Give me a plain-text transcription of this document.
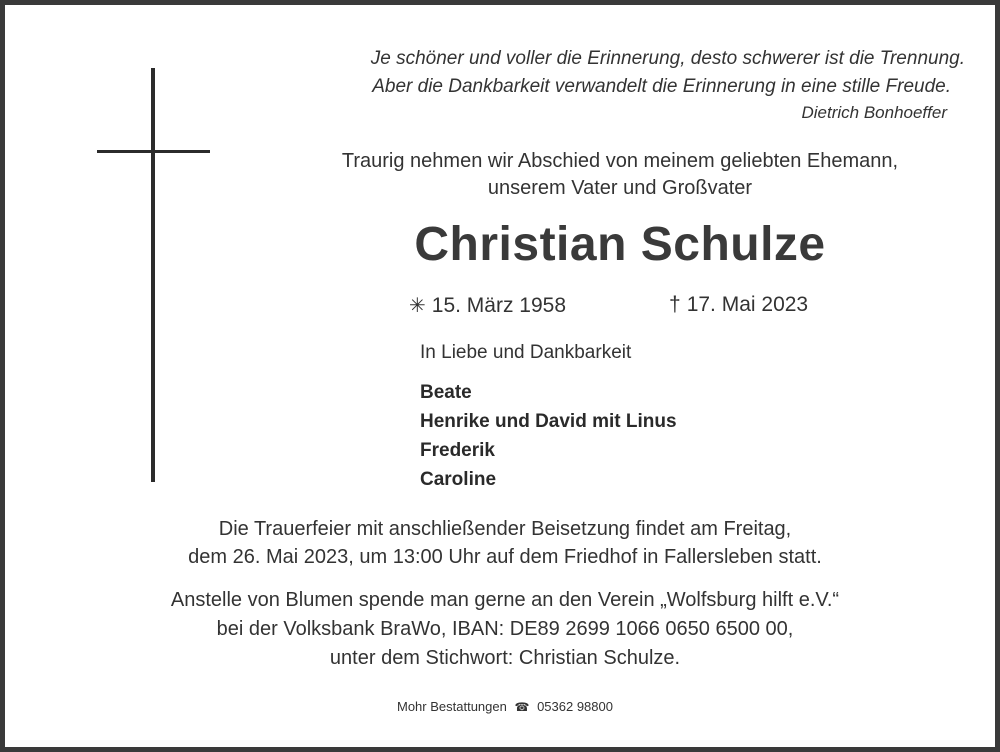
Je schöner und voller die Erinnerung, desto schwerer ist die Trennung.
Aber die Dankbarkeit verwandelt die Erinnerung in eine stille Freude.
Dietrich Bonhoeffer
Traurig nehmen wir Abschied von meinem geliebten Ehemann,
unserem Vater und Großvater
Christian Schulze
✳ 15. März 1958	† 17. Mai 2023
In Liebe und Dankbarkeit
Beate
Henrike und David mit Linus
Frederik
Caroline
Die Trauerfeier mit anschließender Beisetzung findet am Freitag,
dem 26. Mai 2023, um 13:00 Uhr auf dem Friedhof in Fallersleben statt.
Anstelle von Blumen spende man gerne an den Verein „Wolfsburg hilft e.V.“
bei der Volksbank BraWo, IBAN: DE89 2699 1066 0650 6500 00,
unter dem Stichwort: Christian Schulze.
Mohr Bestattungen ☎ 05362 98800
